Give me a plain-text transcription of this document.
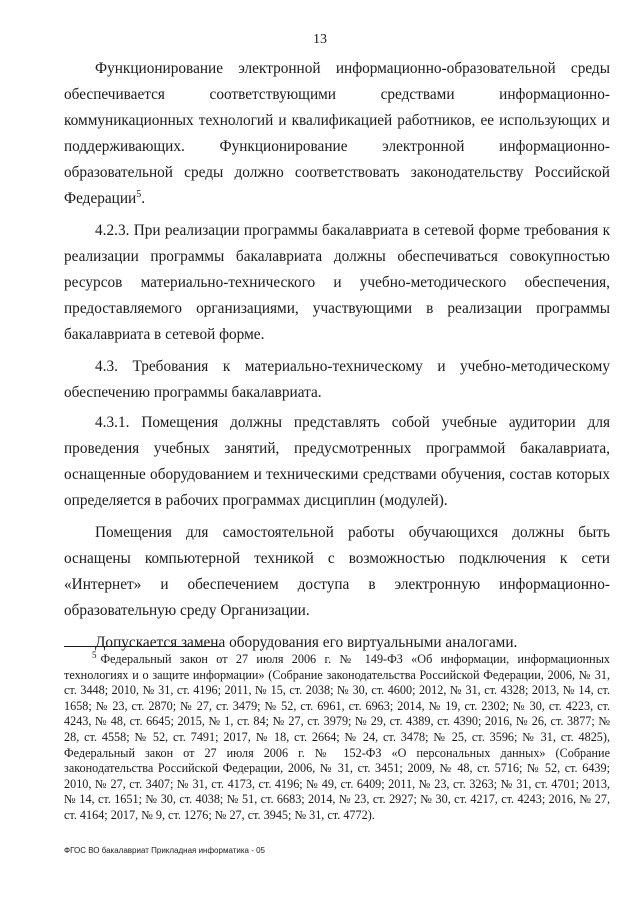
13

Функционирование электронной информационно-образовательной среды обеспечивается соответствующими средствами информационно-коммуникационных технологий и квалификацией работников, ее использующих и поддерживающих. Функционирование электронной информационно-образовательной среды должно соответствовать законодательству Российской Федерации$^5$.

4.2.3. При реализации программы бакалавриата в сетевой форме требования к реализации программы бакалавриата должны обеспечиваться совокупностью ресурсов материально-технического и учебно-методического обеспечения, предоставляемого организациями, участвующими в реализации программы бакалавриата в сетевой форме.

4.3. Требования к материально-техническому и учебно-методическому обеспечению программы бакалавриата.

4.3.1. Помещения должны представлять собой учебные аудитории для проведения учебных занятий, предусмотренных программой бакалавриата, оснащенные оборудованием и техническими средствами обучения, состав которых определяется в рабочих программах дисциплин (модулей).

Помещения для самостоятельной работы обучающихся должны быть оснащены компьютерной техникой с возможностью подключения к сети «Интернет» и обеспечением доступа в электронную информационно-образовательную среду Организации.

Допускается замена оборудования его виртуальными аналогами.

$^5$ Федеральный закон от 27 июля 2006 г. № 149-ФЗ «Об информации, информационных технологиях и о защите информации» (Собрание законодательства Российской Федерации, 2006, № 31, ст. 3448; 2010, № 31, ст. 4196; 2011, № 15, ст. 2038; № 30, ст. 4600; 2012, № 31, ст. 4328; 2013, № 14, ст. 1658; № 23, ст. 2870; № 27, ст. 3479; № 52, ст. 6961, ст. 6963; 2014, № 19, ст. 2302; № 30, ст. 4223, ст. 4243, № 48, ст. 6645; 2015, № 1, ст. 84; № 27, ст. 3979; № 29, ст. 4389, ст. 4390; 2016, № 26, ст. 3877; № 28, ст. 4558; № 52, ст. 7491; 2017, № 18, ст. 2664; № 24, ст. 3478; № 25, ст. 3596; № 31, ст. 4825), Федеральный закон от 27 июля 2006 г. № 152-ФЗ «О персональных данных» (Собрание законодательства Российской Федерации, 2006, № 31, ст. 3451; 2009, № 48, ст. 5716; № 52, ст. 6439; 2010, № 27, ст. 3407; № 31, ст. 4173, ст. 4196; № 49, ст. 6409; 2011, № 23, ст. 3263; № 31, ст. 4701; 2013, № 14, ст. 1651; № 30, ст. 4038; № 51, ст. 6683; 2014, № 23, ст. 2927; № 30, ст. 4217, ст. 4243; 2016, № 27, ст. 4164; 2017, № 9, ст. 1276; № 27, ст. 3945; № 31, ст. 4772).

ФГОС ВО бакалавриат Прикладная информатика - 05
